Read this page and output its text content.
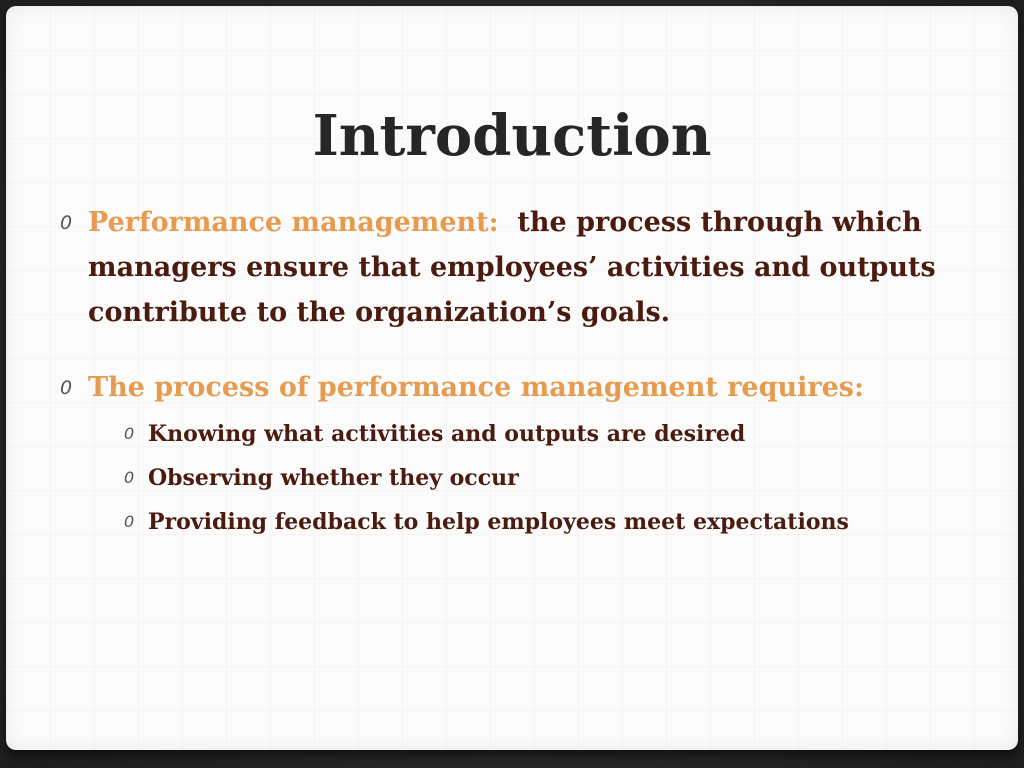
Introduction
0 Performance management: the process through which managers ensure that employees’ activities and outputs contribute to the organization’s goals.
0 The process of performance management requires:
0 Knowing what activities and outputs are desired
0 Observing whether they occur
0 Providing feedback to help employees meet expectations
